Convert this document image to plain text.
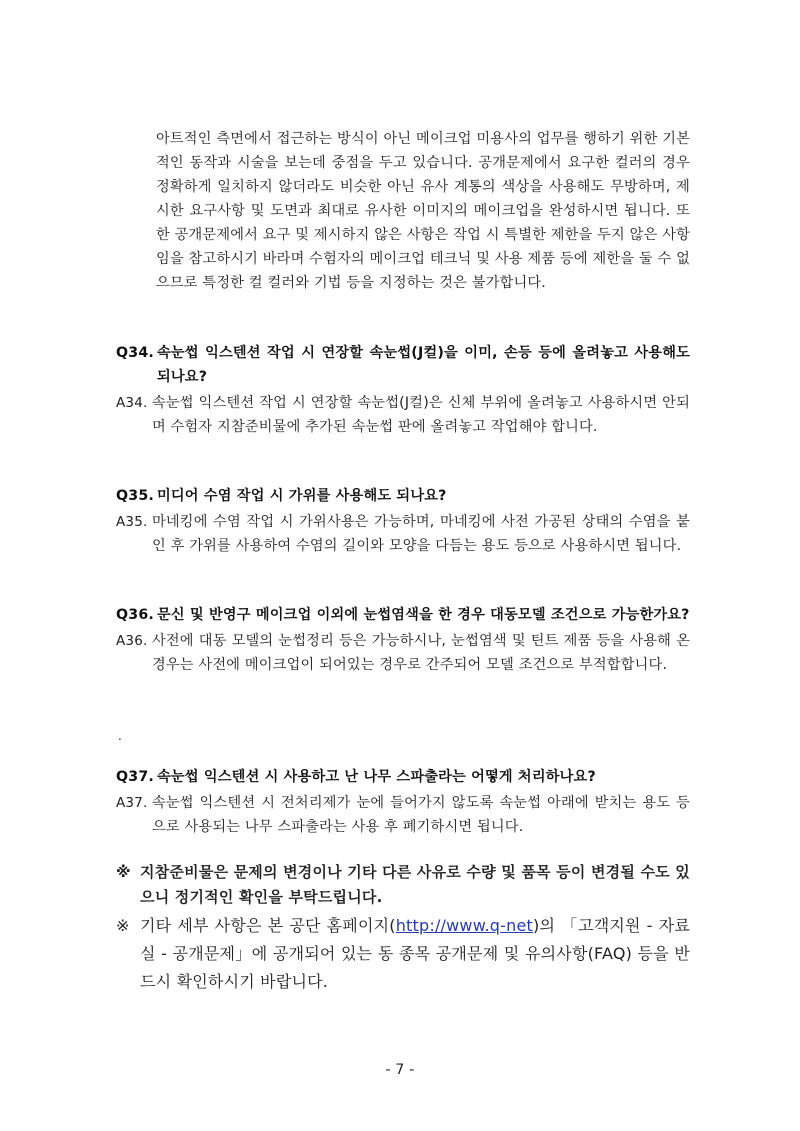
아트적인 측면에서 접근하는 방식이 아닌 메이크업 미용사의 업무를 행하기 위한 기본적인 동작과 시술을 보는데 중점을 두고 있습니다. 공개문제에서 요구한 컬러의 경우 정확하게 일치하지 않더라도 비슷한 아닌 유사 계통의 색상을 사용해도 무방하며, 제시한 요구사항 및 도면과 최대로 유사한 이미지의 메이크업을 완성하시면 됩니다. 또한 공개문제에서 요구 및 제시하지 않은 사항은 작업 시 특별한 제한을 두지 않은 사항임을 참고하시기 바라며 수험자의 메이크업 테크닉 및 사용 제품 등에 제한을 둘 수 없으므로 특정한 컬 컬러와 기법 등을 지정하는 것은 불가합니다.
Q34. 속눈썹 익스텐션 작업 시 연장할 속눈썹(J컬)을 이미, 손등 등에 올려놓고 사용해도 되나요?
A34. 속눈썹 익스텐션 작업 시 연장할 속눈썹(J컬)은 신체 부위에 올려놓고 사용하시면 안되며 수험자 지참준비물에 추가된 속눈썹 판에 올려놓고 작업해야 합니다.
Q35. 미디어 수염 작업 시 가위를 사용해도 되나요?
A35. 마네킹에 수염 작업 시 가위사용은 가능하며, 마네킹에 사전 가공된 상태의 수염을 붙인 후 가위를 사용하여 수염의 길이와 모양을 다듬는 용도 등으로 사용하시면 됩니다.
Q36. 문신 및 반영구 메이크업 이외에 눈썹염색을 한 경우 대동모델 조건으로 가능한가요?
A36. 사전에 대동 모델의 눈썹정리 등은 가능하시나, 눈썹염색 및 틴트 제품 등을 사용해 온 경우는 사전에 메이크업이 되어있는 경우로 간주되어 모델 조건으로 부적합합니다.
.
Q37. 속눈썹 익스텐션 시 사용하고 난 나무 스파출라는 어떻게 처리하나요?
A37. 속눈썹 익스텐션 시 전처리제가 눈에 들어가지 않도록 속눈썹 아래에 받치는 용도 등으로 사용되는 나무 스파출라는 사용 후 폐기하시면 됩니다.
※ 지참준비물은 문제의 변경이나 기타 다른 사유로 수량 및 품목 등이 변경될 수도 있으니 정기적인 확인을 부탁드립니다.
※ 기타 세부 사항은 본 공단 홈페이지(http://www.q-net)의 「고객지원 - 자료실 - 공개문제」에 공개되어 있는 동 종목 공개문제 및 유의사항(FAQ) 등을 반드시 확인하시기 바랍니다.
- 7 -
